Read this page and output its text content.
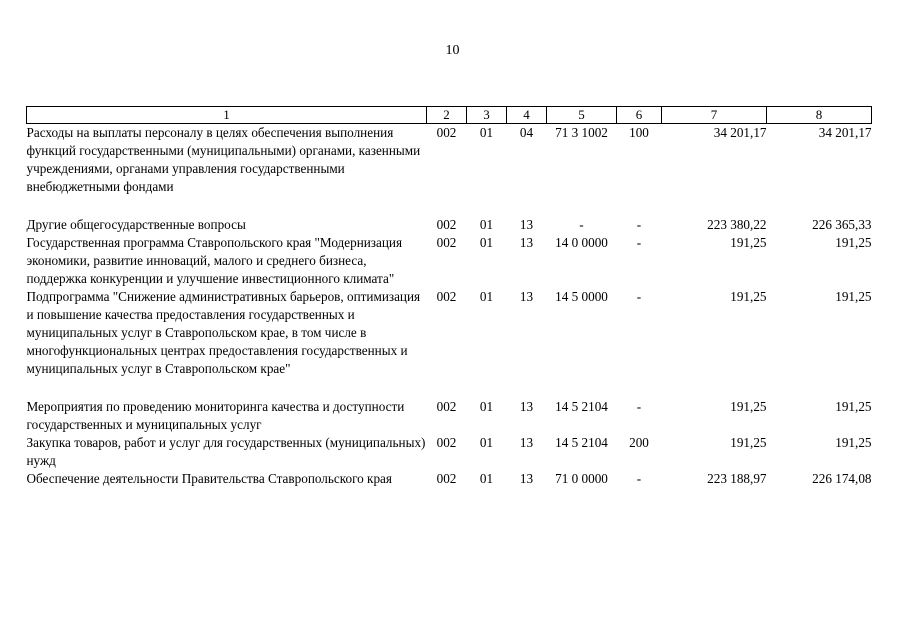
10
1	2	3	4	5	6	7	8
Расходы на выплаты персоналу в целях обеспечения выполнения функций государственными (муниципальными) органами, казенными учреждениями, органами управления государственными внебюджетными фондами	002	01	04	71 3 1002	100	34 201,17	34 201,17

Другие общегосударственные вопросы	002	01	13	-	-	223 380,22	226 365,33
Государственная программа Ставропольского края "Модернизация экономики, развитие инноваций, малого и среднего бизнеса, поддержка конкуренции и улучшение инвестиционного климата"	002	01	13	14 0 0000	-	191,25	191,25
Подпрограмма "Снижение административных барьеров, оптимизация и повышение качества предоставления государственных и муниципальных услуг в Ставропольском крае, в том числе в многофункциональных центрах предоставления государственных и муниципальных услуг в Ставропольском крае"	002	01	13	14 5 0000	-	191,25	191,25

Мероприятия по проведению мониторинга качества и доступности государственных и муниципальных услуг	002	01	13	14 5 2104	-	191,25	191,25
Закупка товаров, работ и услуг для государственных (муниципальных) нужд	002	01	13	14 5 2104	200	191,25	191,25
Обеспечение деятельности Правительства Ставропольского края	002	01	13	71 0 0000	-	223 188,97	226 174,08
